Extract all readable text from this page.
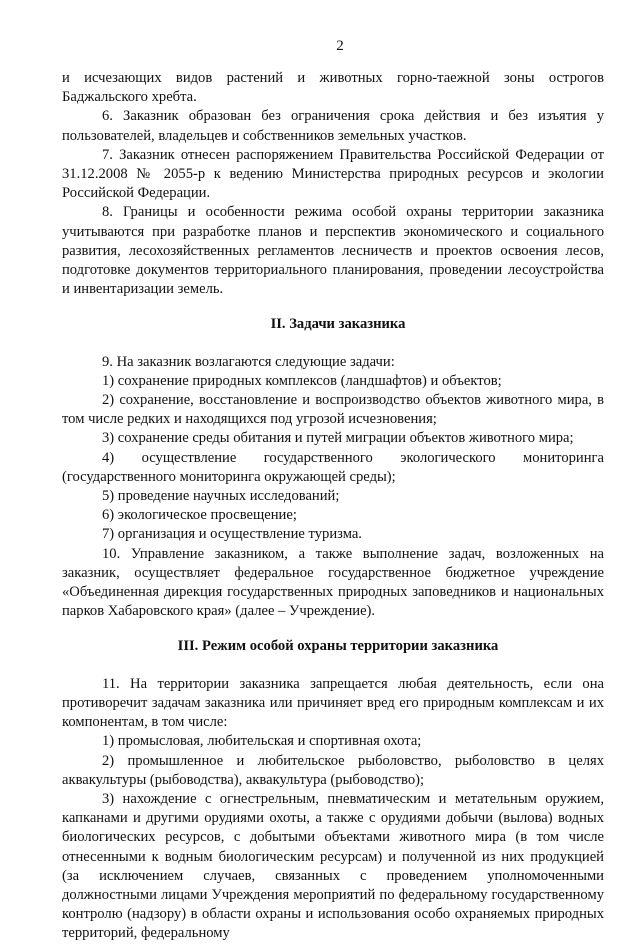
2

и исчезающих видов растений и животных горно-таежной зоны острогов Баджальского хребта.

6. Заказник образован без ограничения срока действия и без изъятия у пользователей, владельцев и собственников земельных участков.

7. Заказник отнесен распоряжением Правительства Российской Федерации от 31.12.2008 № 2055-р к ведению Министерства природных ресурсов и экологии Российской Федерации.

8. Границы и особенности режима особой охраны территории заказника учитываются при разработке планов и перспектив экономического и социального развития, лесохозяйственных регламентов лесничеств и проектов освоения лесов, подготовке документов территориального планирования, проведении лесоустройства и инвентаризации земель.

II. Задачи заказника

9. На заказник возлагаются следующие задачи:

1) сохранение природных комплексов (ландшафтов) и объектов;

2) сохранение, восстановление и воспроизводство объектов животного мира, в том числе редких и находящихся под угрозой исчезновения;

3) сохранение среды обитания и путей миграции объектов животного мира;

4) осуществление государственного экологического мониторинга (государственного мониторинга окружающей среды);

5) проведение научных исследований;

6) экологическое просвещение;

7) организация и осуществление туризма.

10. Управление заказником, а также выполнение задач, возложенных на заказник, осуществляет федеральное государственное бюджетное учреждение «Объединенная дирекция государственных природных заповедников и национальных парков Хабаровского края» (далее – Учреждение).

III. Режим особой охраны территории заказника

11. На территории заказника запрещается любая деятельность, если она противоречит задачам заказника или причиняет вред его природным комплексам и их компонентам, в том числе:

1) промысловая, любительская и спортивная охота;

2) промышленное и любительское рыболовство, рыболовство в целях аквакультуры (рыбоводства), аквакультура (рыбоводство);

3) нахождение с огнестрельным, пневматическим и метательным оружием, капканами и другими орудиями охоты, а также с орудиями добычи (вылова) водных биологических ресурсов, с добытыми объектами животного мира (в том числе отнесенными к водным биологическим ресурсам) и полученной из них продукцией (за исключением случаев, связанных с проведением уполномоченными должностными лицами Учреждения мероприятий по федеральному государственному контролю (надзору) в области охраны и использования особо охраняемых природных территорий, федеральному
